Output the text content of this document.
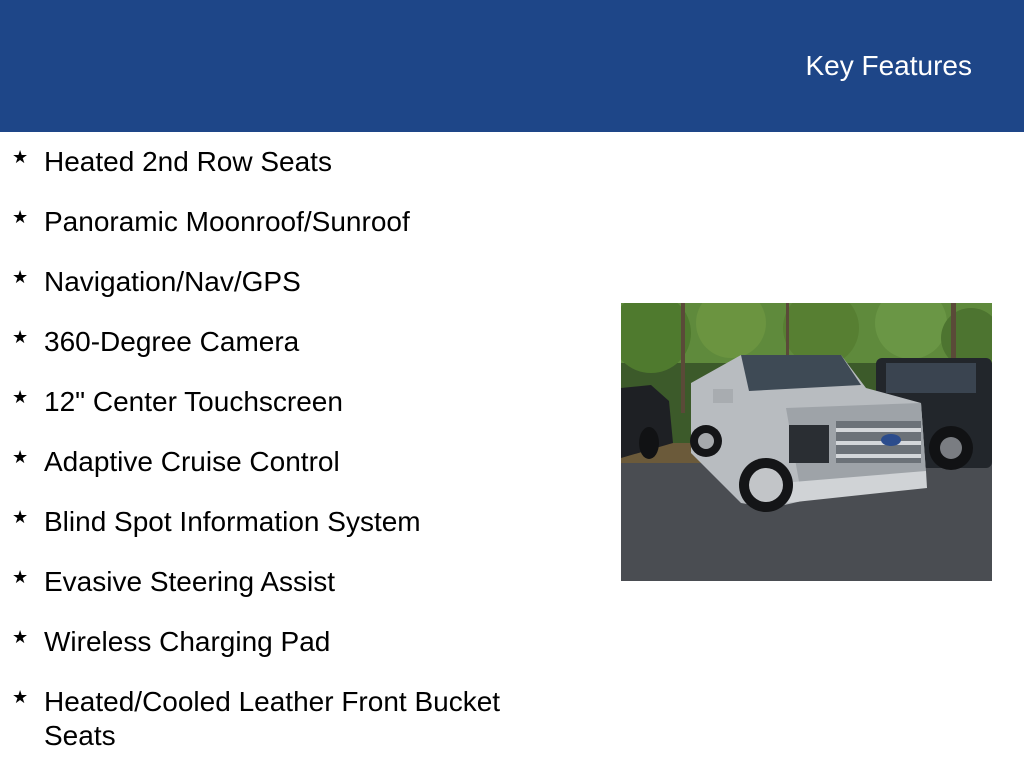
Key Features
★ Heated 2nd Row Seats
★ Panoramic Moonroof/Sunroof
★ Navigation/Nav/GPS
★ 360-Degree Camera
★ 12" Center Touchscreen
★ Adaptive Cruise Control
★ Blind Spot Information System
★ Evasive Steering Assist
★ Wireless Charging Pad
★ Heated/Cooled Leather Front Bucket Seats
